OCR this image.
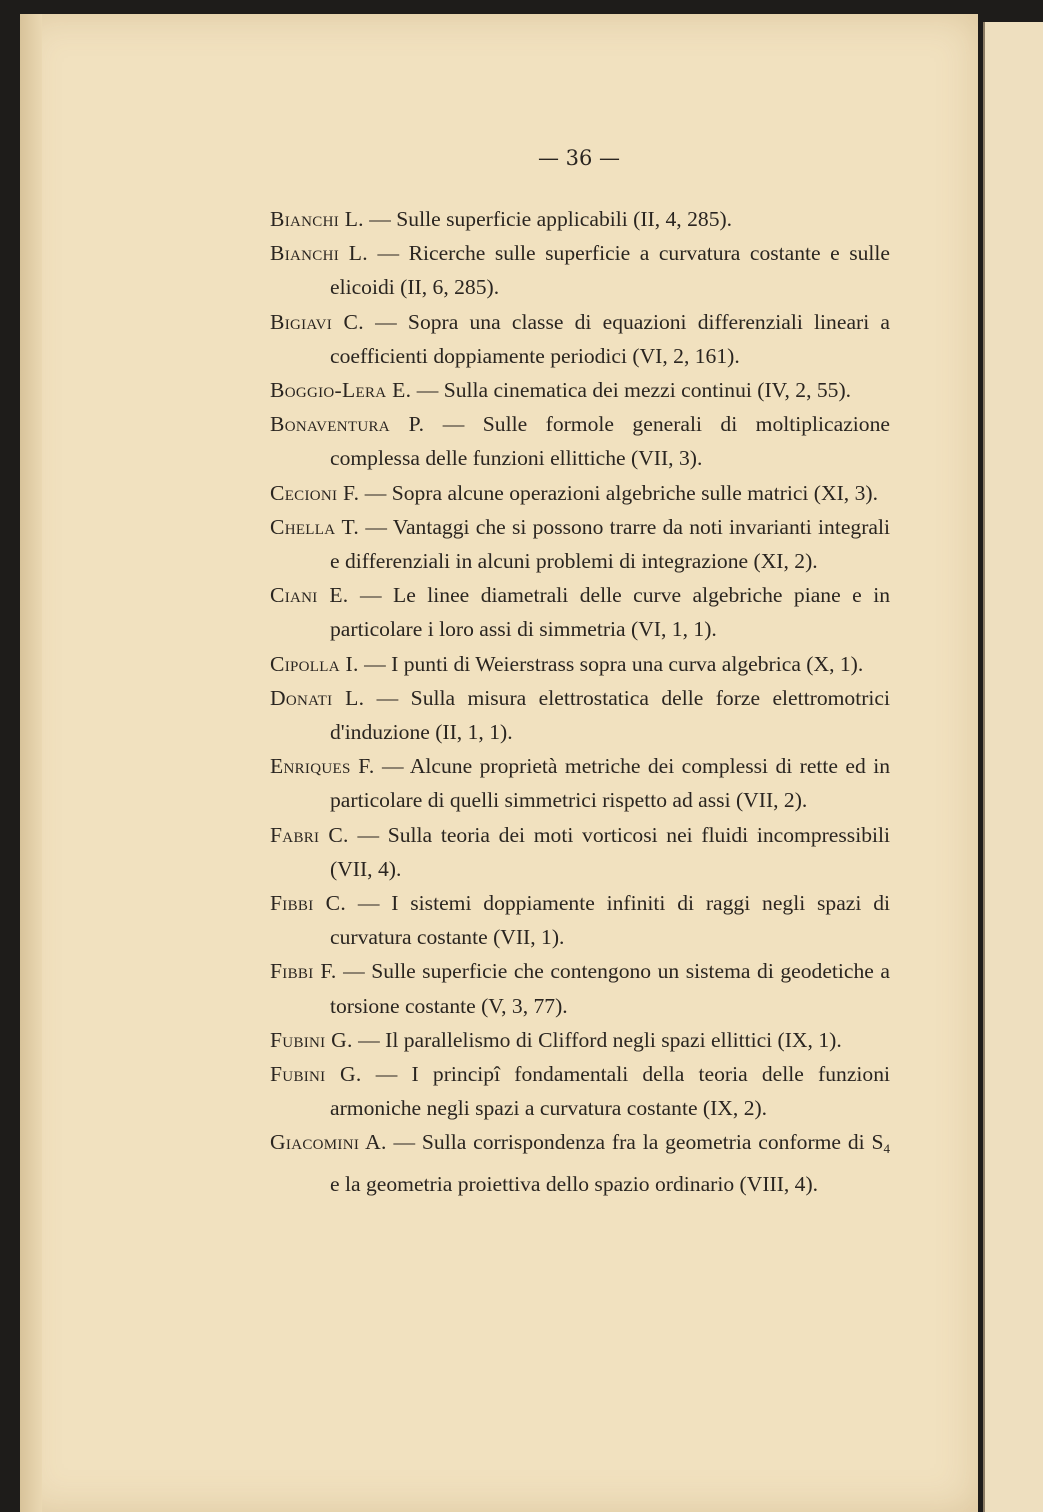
— 36 —

Bianchi L. — Sulle superficie applicabili (II, 4, 285).

Bianchi L. — Ricerche sulle superficie a curvatura costante e sulle elicoidi (II, 6, 285).

Bigiavi C. — Sopra una classe di equazioni differenziali lineari a coefficienti doppiamente periodici (VI, 2, 161).

Boggio-Lera E. — Sulla cinematica dei mezzi continui (IV, 2, 55).

Bonaventura P. — Sulle formole generali di moltiplicazione complessa delle funzioni ellittiche (VII, 3).

Cecioni F. — Sopra alcune operazioni algebriche sulle matrici (XI, 3).

Chella T. — Vantaggi che si possono trarre da noti invarianti integrali e differenziali in alcuni problemi di integrazione (XI, 2).

Ciani E. — Le linee diametrali delle curve algebriche piane e in particolare i loro assi di simmetria (VI, 1, 1).

Cipolla I. — I punti di Weierstrass sopra una curva algebrica (X, 1).

Donati L. — Sulla misura elettrostatica delle forze elettromotrici d'induzione (II, 1, 1).

Enriques F. — Alcune proprietà metriche dei complessi di rette ed in particolare di quelli simmetrici rispetto ad assi (VII, 2).

Fabri C. — Sulla teoria dei moti vorticosi nei fluidi incompressibili (VII, 4).

Fibbi C. — I sistemi doppiamente infiniti di raggi negli spazi di curvatura costante (VII, 1).

Fibbi F. — Sulle superficie che contengono un sistema di geodetiche a torsione costante (V, 3, 77).

Fubini G. — Il parallelismo di Clifford negli spazi ellittici (IX, 1).

Fubini G. — I principî fondamentali della teoria delle funzioni armoniche negli spazi a curvatura costante (IX, 2).

Giacomini A. — Sulla corrispondenza fra la geometria conforme di $S_4$ e la geometria proiettiva dello spazio ordinario (VIII, 4).
